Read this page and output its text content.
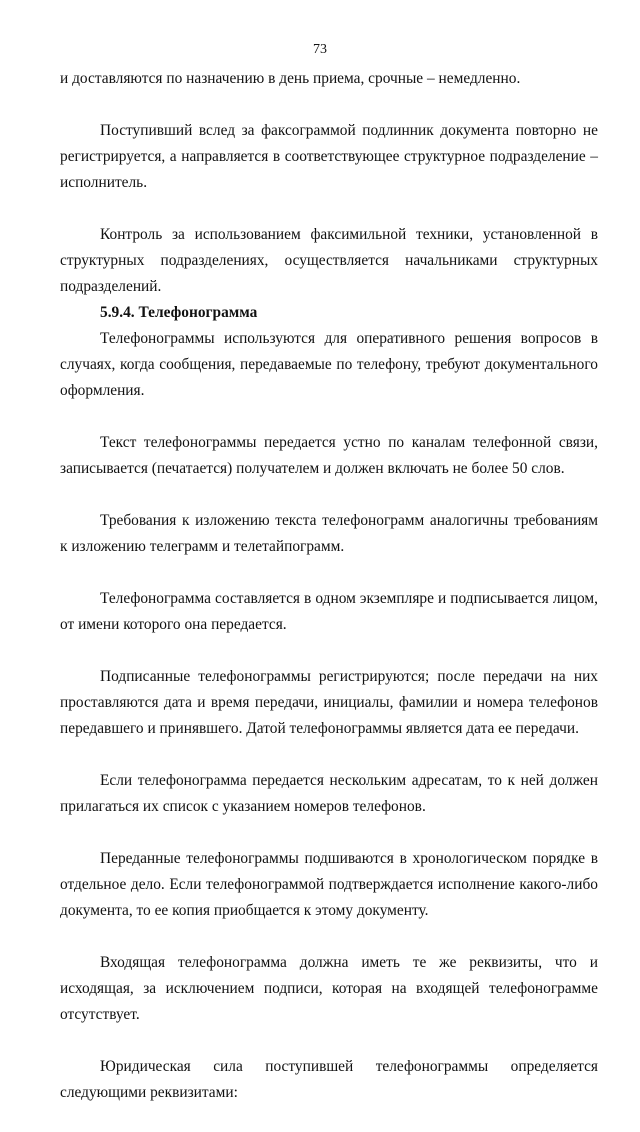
73

и доставляются по назначению в день приема, срочные – немедленно.

Поступивший вслед за факсограммой подлинник документа повторно не регистрируется, а направляется в соответствующее структурное подразделение – исполнитель.

Контроль за использованием факсимильной техники, установленной в структурных подразделениях, осуществляется начальниками структурных подразделений.

5.9.4. Телефонограмма

Телефонограммы используются для оперативного решения вопросов в случаях, когда сообщения, передаваемые по телефону, требуют документального оформления.

Текст телефонограммы передается устно по каналам телефонной связи, записывается (печатается) получателем и должен включать не более 50 слов.

Требования к изложению текста телефонограмм аналогичны требованиям к изложению телеграмм и телетайпограмм.

Телефонограмма составляется в одном экземпляре и подписывается лицом, от имени которого она передается.

Подписанные телефонограммы регистрируются; после передачи на них проставляются дата и время передачи, инициалы, фамилии и номера телефонов передавшего и принявшего. Датой телефонограммы является дата ее передачи.

Если телефонограмма передается нескольким адресатам, то к ней должен прилагаться их список с указанием номеров телефонов.

Переданные телефонограммы подшиваются в хронологическом порядке в отдельное дело. Если телефонограммой подтверждается исполнение какого-либо документа, то ее копия приобщается к этому документу.

Входящая телефонограмма должна иметь те же реквизиты, что и исходящая, за исключением подписи, которая на входящей телефонограмме отсутствует.

Юридическая сила поступившей телефонограммы определяется следующими реквизитами:
